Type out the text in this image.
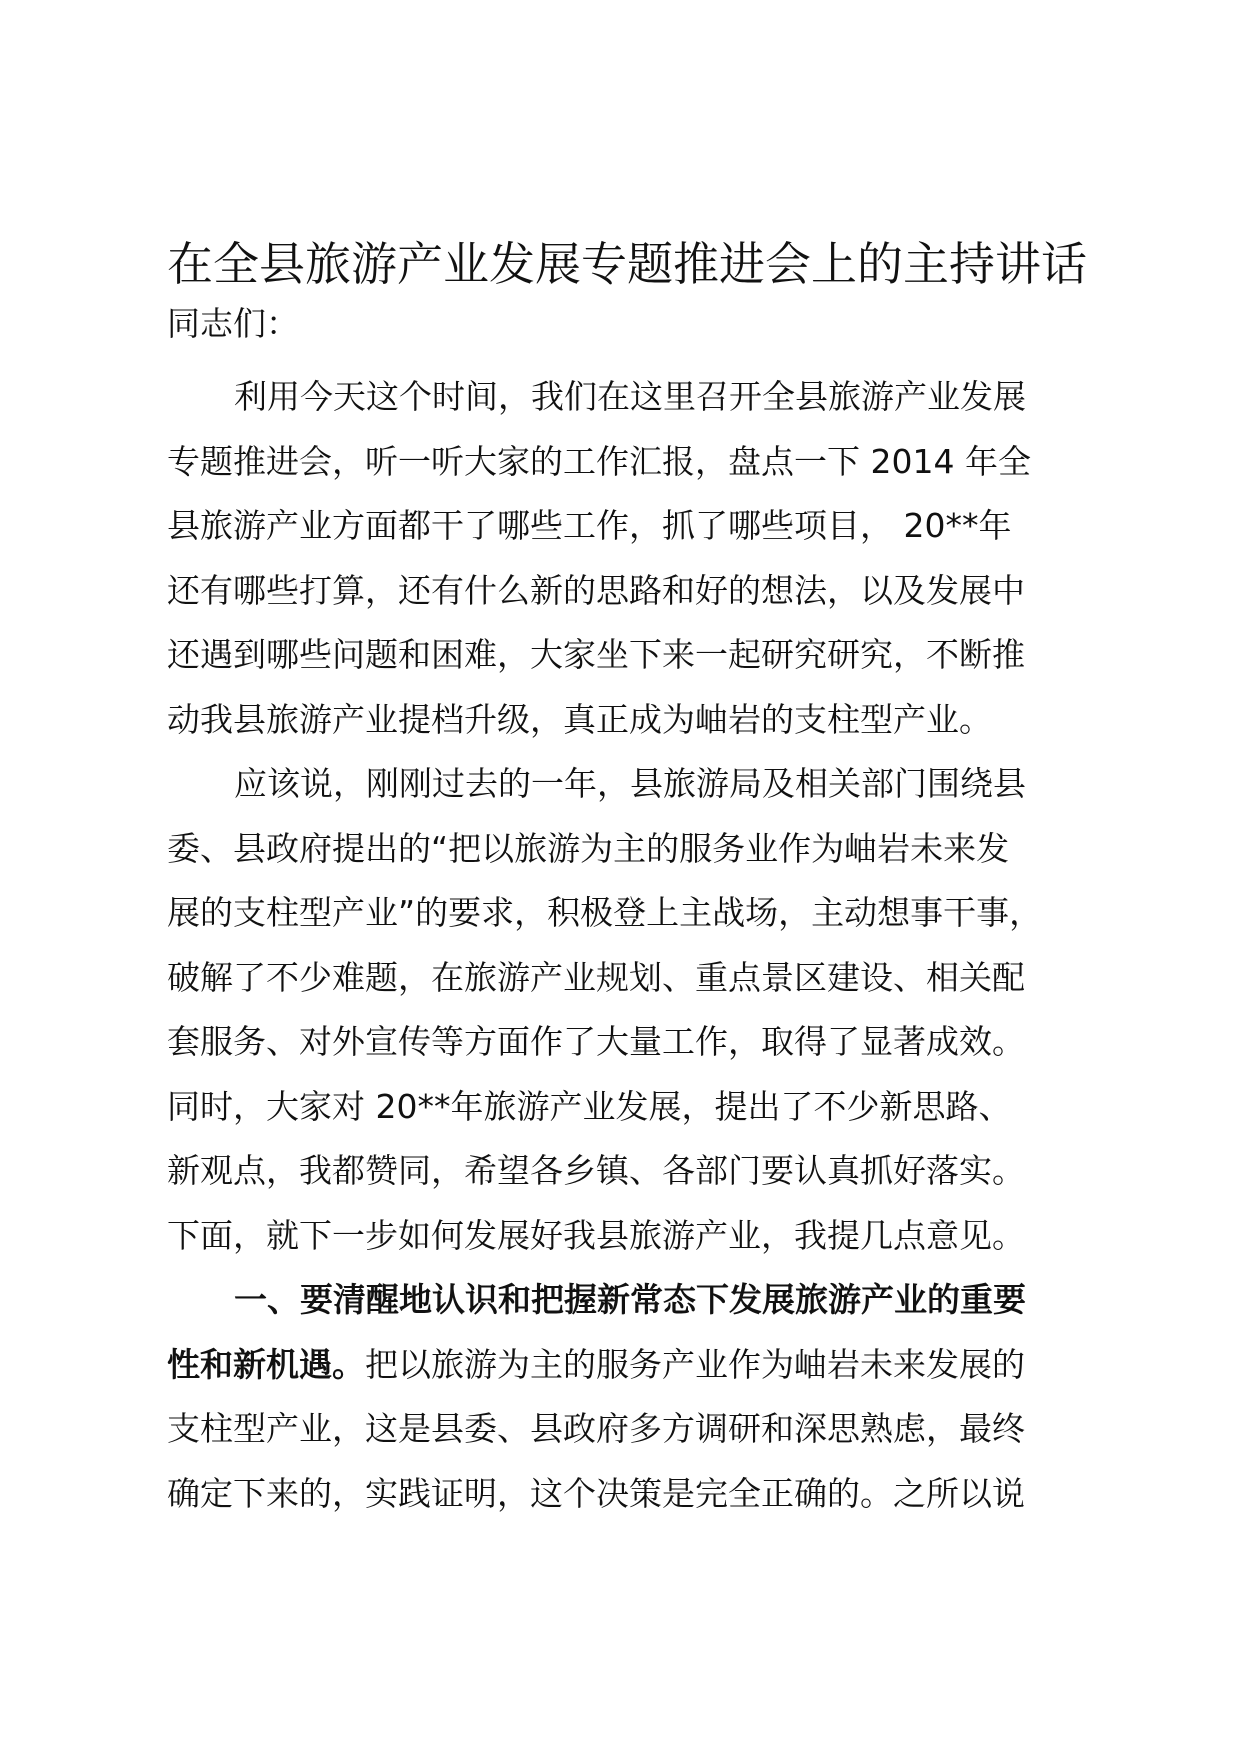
在全县旅游产业发展专题推进会上的主持讲话

同志们：

利用今天这个时间，我们在这里召开全县旅游产业发展

专题推进会，听一听大家的工作汇报，盘点一下 2014 年全

县旅游产业方面都干了哪些工作，抓了哪些项目， 20**年

还有哪些打算，还有什么新的思路和好的想法，以及发展中

还遇到哪些问题和困难，大家坐下来一起研究研究，不断推

动我县旅游产业提档升级，真正成为岫岩的支柱型产业。

应该说，刚刚过去的一年，县旅游局及相关部门围绕县

委、县政府提出的“把以旅游为主的服务业作为岫岩未来发

展的支柱型产业”的要求，积极登上主战场，主动想事干事，

破解了不少难题，在旅游产业规划、重点景区建设、相关配

套服务、对外宣传等方面作了大量工作，取得了显著成效。

同时，大家对 20**年旅游产业发展，提出了不少新思路、

新观点，我都赞同，希望各乡镇、各部门要认真抓好落实。

下面，就下一步如何发展好我县旅游产业，我提几点意见。

一、要清醒地认识和把握新常态下发展旅游产业的重要

性和新机遇。把以旅游为主的服务产业作为岫岩未来发展的

支柱型产业，这是县委、县政府多方调研和深思熟虑，最终

确定下来的，实践证明，这个决策是完全正确的。之所以说
